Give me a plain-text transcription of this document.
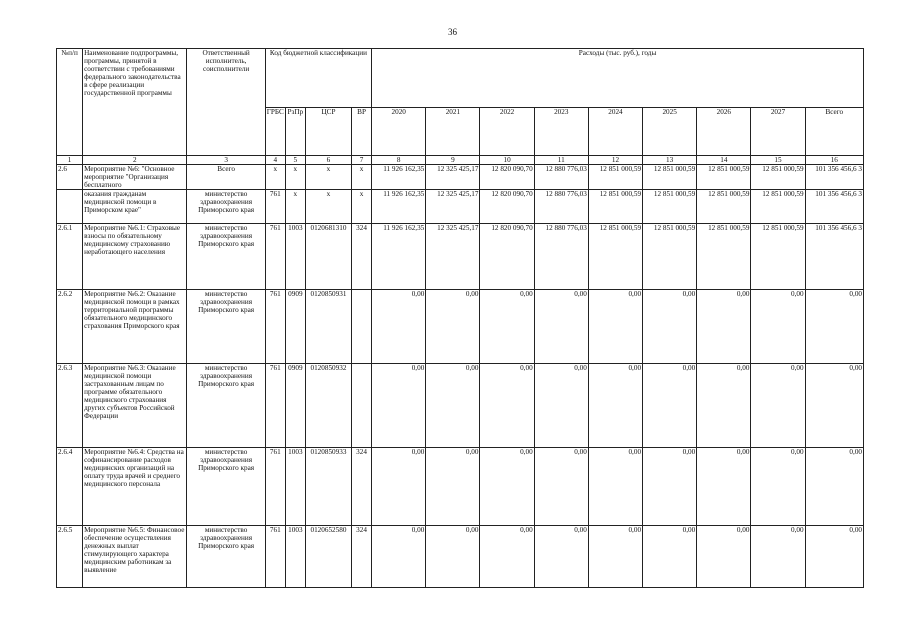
36
№п/п	Наименование подпрограммы, программы, принятой в соответствии с требованиями федерального законодательства в сфере реализации государственной программы	Ответственный исполнитель, соисполнители	Код бюджетной классификации				Расходы (тыс. руб.), годы								
			ГРБС	РзПр	ЦСР	ВР	2020	2021	2022	2023	2024	2025	2026	2027	Всего
1	2	3	4	5	6	7	8	9	10	11	12	13	14	15	16
2.6	Мероприятие №6: "Основное мероприятие "Организация бесплатного	Всего	x	x	x	x	11 926 162,35	12 325 425,17	12 820 090,70	12 880 776,03	12 851 000,59	12 851 000,59	12 851 000,59	12 851 000,59	101 356 456,6 3
	оказания гражданам медицинской помощи в Приморском крае"	министерство здравоохранения Приморского края	761	x	x	x	11 926 162,35	12 325 425,17	12 820 090,70	12 880 776,03	12 851 000,59	12 851 000,59	12 851 000,59	12 851 000,59	101 356 456,6 3
2.6.1	Мероприятие №6.1: Страховые взносы по обязательному медицинскому страхованию неработающего населения	министерство здравоохранения Приморского края	761	1003	0120681310	324	11 926 162,35	12 325 425,17	12 820 090,70	12 880 776,03	12 851 000,59	12 851 000,59	12 851 000,59	12 851 000,59	101 356 456,6 3
2.6.2	Мероприятие №6.2: Оказание медицинской помощи в рамках территориальной программы обязательного медицинского страхования Приморского края	министерство здравоохранения Приморского края	761	0909	0120850931		0,00	0,00	0,00	0,00	0,00	0,00	0,00	0,00	0,00
2.6.3	Мероприятие №6.3: Оказание медицинской помощи застрахованным лицам по программе обязательного медицинского страхования других субъектов Российской Федерации	министерство здравоохранения Приморского края	761	0909	0120850932		0,00	0,00	0,00	0,00	0,00	0,00	0,00	0,00	0,00
2.6.4	Мероприятие №6.4: Средства на софинансирование расходов медицинских организаций на оплату труда врачей и среднего медицинского персонала	министерство здравоохранения Приморского края	761	1003	0120850933	324	0,00	0,00	0,00	0,00	0,00	0,00	0,00	0,00	0,00
2.6.5	Мероприятие №6.5: Финансовое обеспечение осуществления денежных выплат стимулирующего характера медицинским работникам за выявление	министерство здравоохранения Приморского края	761	1003	0120652580	324	0,00	0,00	0,00	0,00	0,00	0,00	0,00	0,00	0,00
